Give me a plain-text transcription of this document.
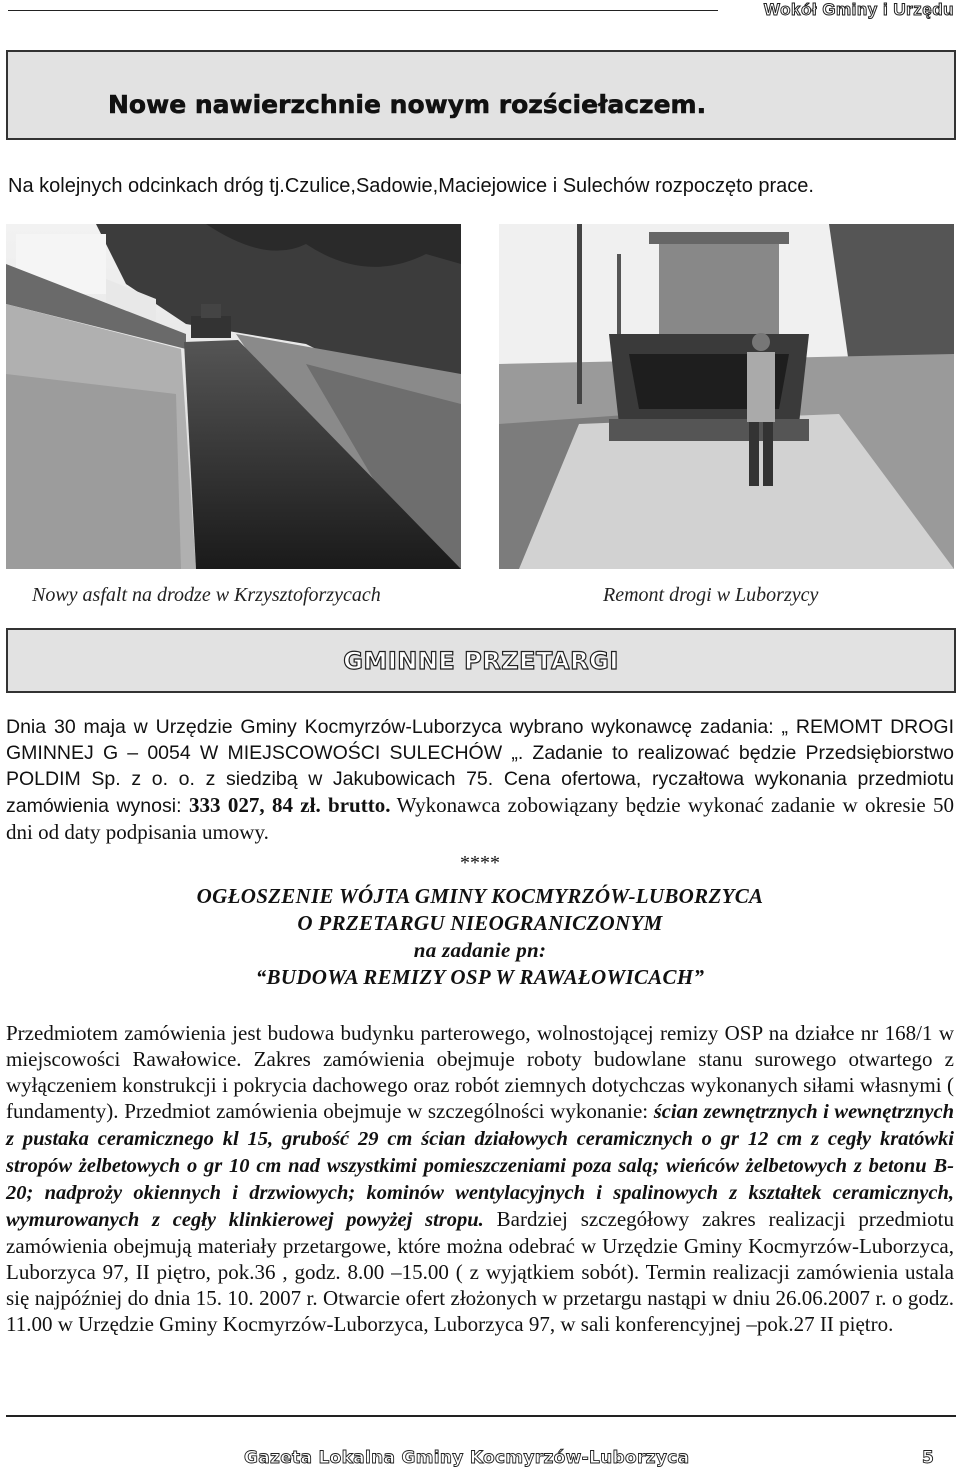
Wokół Gminy i Urzędu
Nowe nawierzchnie nowym rozściełaczem.
Na kolejnych odcinkach dróg tj.Czulice,Sadowie,Maciejowice i Sulechów rozpoczęto prace.
Nowy asfalt na drodze w Krzysztoforzycach	Remont drogi w Luborzycy
GMINNE PRZETARGI
Dnia 30 maja w Urzędzie Gminy Kocmyrzów-Luborzyca wybrano wykonawcę zadania: „ REMOMT DROGI GMINNEJ G – 0054 W MIEJSCOWOŚCI SULECHÓW „. Zadanie to realizować będzie Przedsiębiorstwo POLDIM Sp. z o. o. z siedzibą w Jakubowicach 75. Cena ofertowa, ryczałtowa wykonania przedmiotu zamówienia wynosi: 333 027, 84 zł. brutto. Wykonawca zobowiązany będzie wykonać zadanie w okresie 50 dni od daty podpisania umowy.
****
OGŁOSZENIE WÓJTA GMINY KOCMYRZÓW-LUBORZYCA
O PRZETARGU NIEOGRANICZONYM
na zadanie pn:
“BUDOWA REMIZY OSP W RAWAŁOWICACH”
Przedmiotem zamówienia jest budowa budynku parterowego, wolnostojącej remizy OSP na działce nr 168/1 w miejscowości Rawałowice. Zakres zamówienia obejmuje roboty budowlane stanu surowego otwartego z wyłączeniem konstrukcji i pokrycia dachowego oraz robót ziemnych dotychczas wykonanych siłami własnymi ( fundamenty). Przedmiot zamówienia obejmuje w szczególności wykonanie: ścian zewnętrznych i wewnętrznych z pustaka ceramicznego kl 15, grubość 29 cm ścian działowych ceramicznych o gr 12 cm z cegły kratówki stropów żelbetowych o gr 10 cm nad wszystkimi pomieszczeniami poza salą; wieńców żelbetowych z betonu B-20; nadproży okiennych i drzwiowych; kominów wentylacyjnych i spalinowych z kształtek ceramicznych, wymurowanych z cegły klinkierowej powyżej stropu. Bardziej szczegółowy zakres realizacji przedmiotu zamówienia obejmują materiały przetargowe, które można odebrać w Urzędzie Gminy Kocmyrzów-Luborzyca, Luborzyca 97, II piętro, pok.36 , godz. 8.00 –15.00 ( z wyjątkiem sobót). Termin realizacji zamówienia ustala się najpóźniej do dnia 15. 10. 2007 r. Otwarcie ofert złożonych w przetargu nastąpi w dniu 26.06.2007 r. o godz. 11.00 w Urzędzie Gminy Kocmyrzów-Luborzyca, Luborzyca 97, w sali konferencyjnej –pok.27 II piętro.
Gazeta Lokalna Gminy Kocmyrzów-Luborzyca	5
